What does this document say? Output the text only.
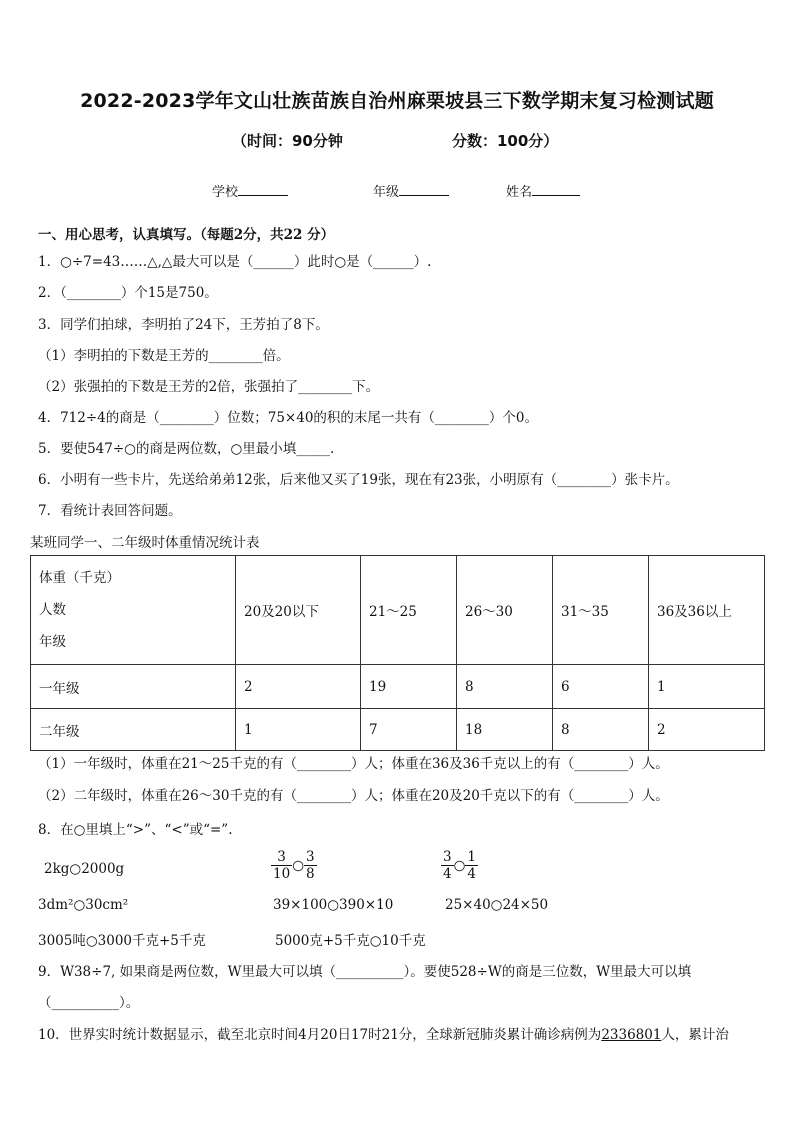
2022-2023学年文山壮族苗族自治州麻栗坡县三下数学期末复习检测试题
（时间：90分钟	分数：100分）
学校	年级	姓名
一、用心思考，认真填写。（每题2分，共22 分）
1．○÷7=43……△,△最大可以是（______）此时○是（______）.
2．（________）个15是750。
3．同学们拍球，李明拍了24下，王芳拍了8下。
（1）李明拍的下数是王芳的________倍。
（2）张强拍的下数是王芳的2倍，张强拍了________下。
4．712÷4的商是（________）位数；75×40的积的末尾一共有（________）个0。
5．要使547÷○的商是两位数，○里最小填_____.
6．小明有一些卡片，先送给弟弟12张，后来他又买了19张，现在有23张，小明原有（________）张卡片。
7．看统计表回答问题。
某班同学一、二年级时体重情况统计表
体重（千克）
人数
年级	20及20以下	21～25	26～30	31～35	36及36以上
一年级	2	19	8	6	1
二年级	1	7	18	8	2
（1）一年级时，体重在21～25千克的有（________）人；体重在36及36千克以上的有（________）人。
（2）二年级时，体重在26～30千克的有（________）人；体重在20及20千克以下的有（________）人。
8．在○里填上“>”、“<”或“=”.
2kg○2000g	$\frac{3}{10}$ ○ $\frac{3}{8}$	$\frac{3}{4}$ ○ $\frac{1}{4}$
3dm²○30cm²	39×100○390×10	25×40○24×50
3005吨○3000千克+5千克	5000克+5千克○10千克
9．W38÷7, 如果商是两位数，W里最大可以填（__________）。要使528÷W的商是三位数，W里最大可以填
（__________）。
10．世界实时统计数据显示，截至北京时间4月20日17时21分，全球新冠肺炎累计确诊病例为2336801人，累计治
